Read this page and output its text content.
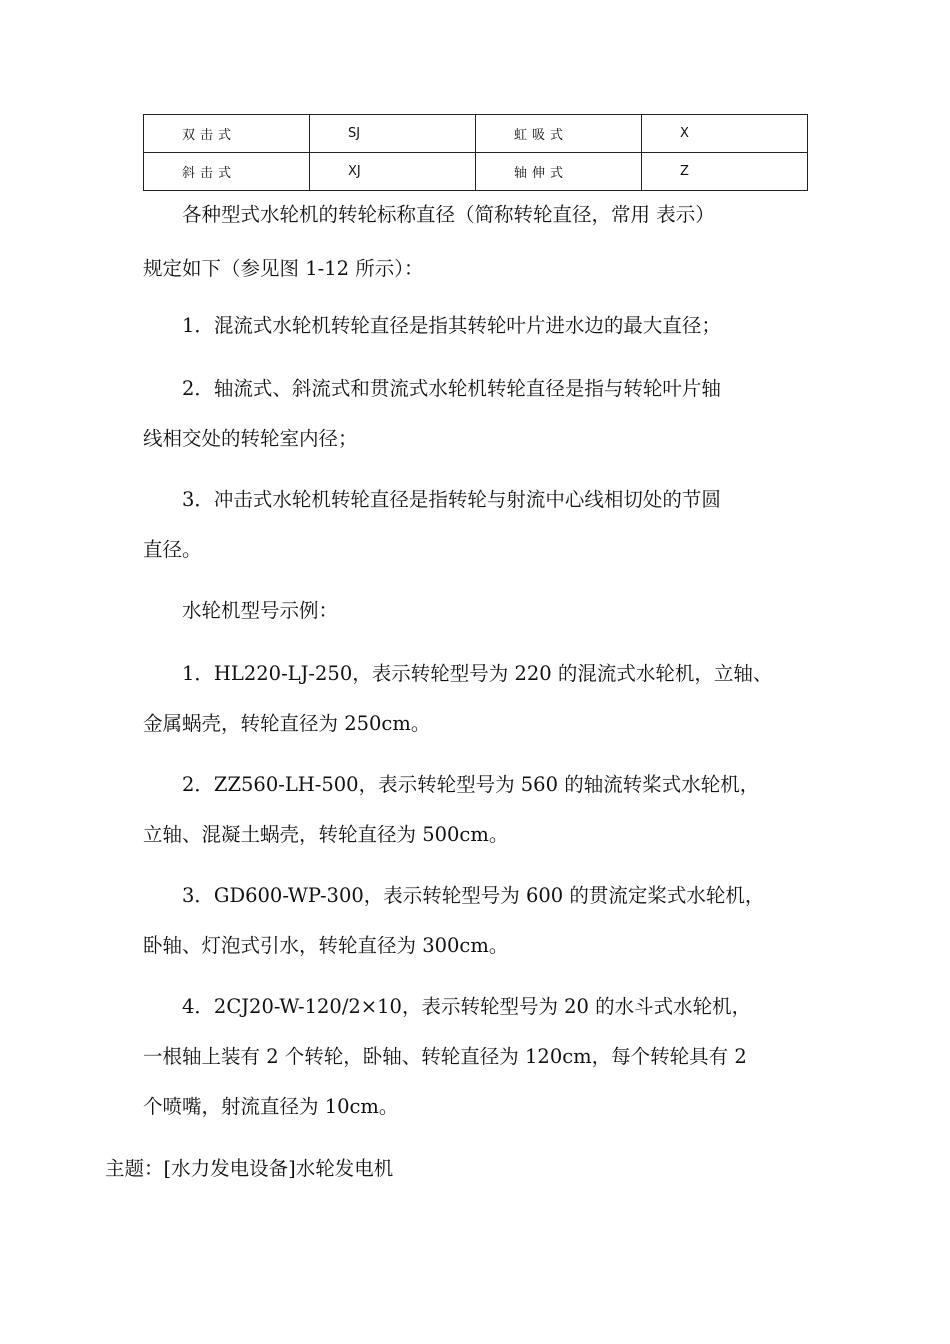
双击式	SJ	虹吸式	X
斜击式	XJ	轴伸式	Z
各种型式水轮机的转轮标称直径（简称转轮直径，常用 表示）
规定如下（参见图 1-12 所示）：
1．混流式水轮机转轮直径是指其转轮叶片进水边的最大直径；
2．轴流式、斜流式和贯流式水轮机转轮直径是指与转轮叶片轴
线相交处的转轮室内径；
3．冲击式水轮机转轮直径是指转轮与射流中心线相切处的节圆
直径。
水轮机型号示例：
1．HL220-LJ-250，表示转轮型号为 220 的混流式水轮机，立轴、
金属蜗壳，转轮直径为 250cm。
2．ZZ560-LH-500，表示转轮型号为 560 的轴流转桨式水轮机，
立轴、混凝土蜗壳，转轮直径为 500cm。
3．GD600-WP-300，表示转轮型号为 600 的贯流定桨式水轮机，
卧轴、灯泡式引水，转轮直径为 300cm。
4．2CJ20-W-120/2×10，表示转轮型号为 20 的水斗式水轮机，
一根轴上装有 2 个转轮，卧轴、转轮直径为 120cm，每个转轮具有 2
个喷嘴，射流直径为 10cm。
主题：[水力发电设备]水轮发电机
